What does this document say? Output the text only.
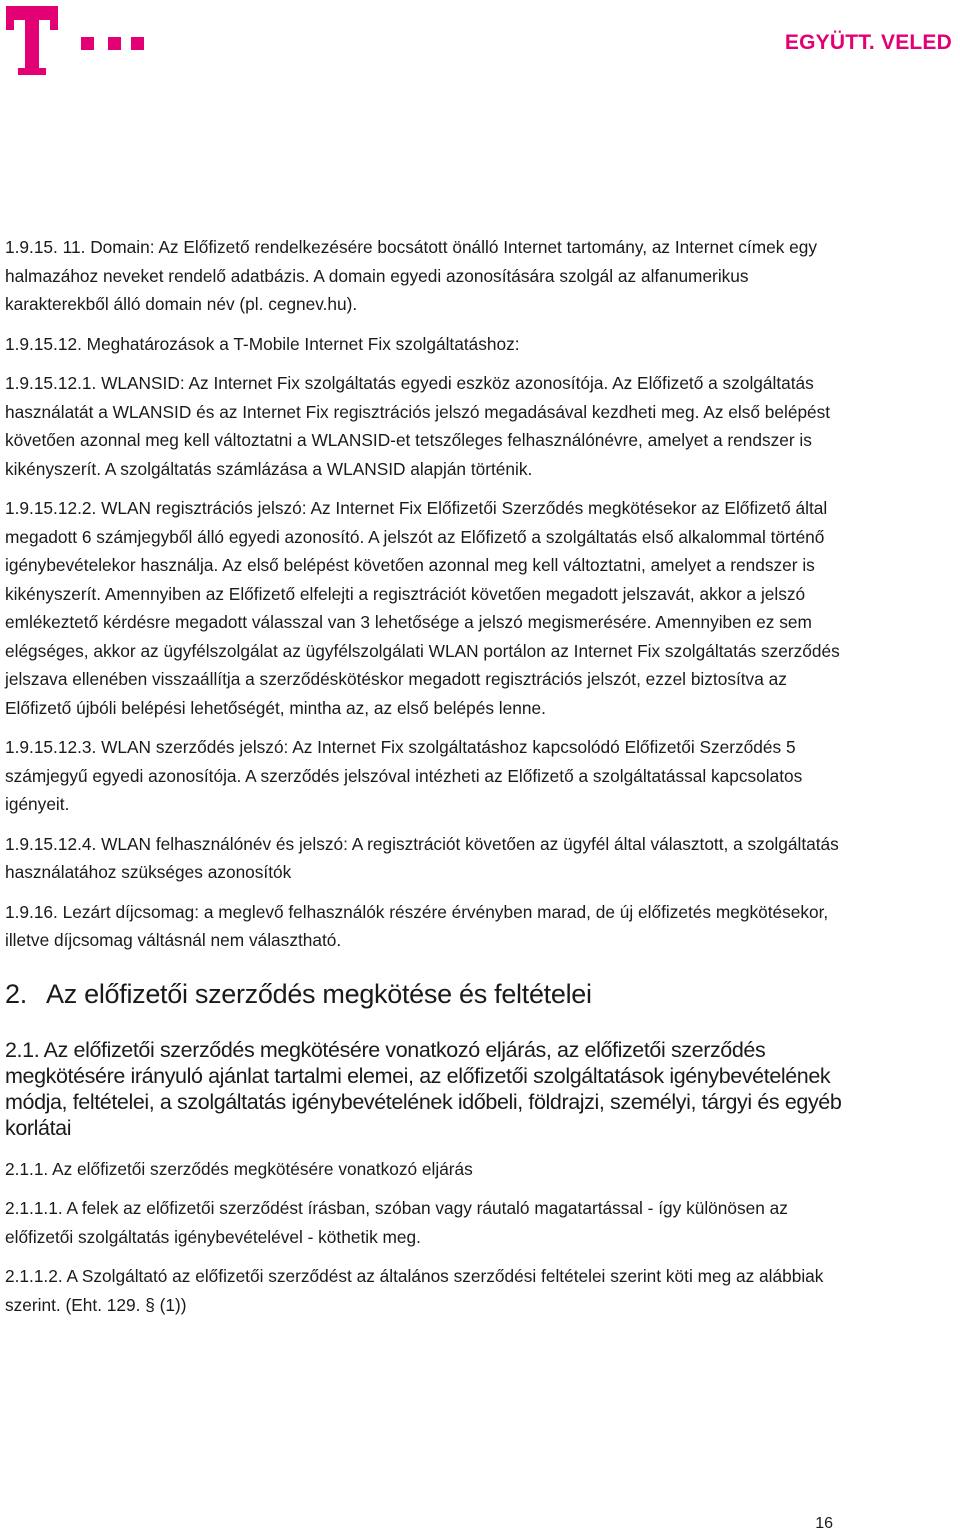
EGYÜTT. VELED

1.9.15. 11. Domain: Az Előfizető rendelkezésére bocsátott önálló Internet tartomány, az Internet címek egy halmazához neveket rendelő adatbázis. A domain egyedi azonosítására szolgál az alfanumerikus karakterekből álló domain név (pl. cegnev.hu).

1.9.15.12. Meghatározások a T-Mobile Internet Fix szolgáltatáshoz:

1.9.15.12.1. WLANSID: Az Internet Fix szolgáltatás egyedi eszköz azonosítója. Az Előfizető a szolgáltatás használatát a WLANSID és az Internet Fix regisztrációs jelszó megadásával kezdheti meg. Az első belépést követően azonnal meg kell változtatni a WLANSID-et tetszőleges felhasználónévre, amelyet a rendszer is kikényszerít. A szolgáltatás számlázása a WLANSID alapján történik.

1.9.15.12.2. WLAN regisztrációs jelszó: Az Internet Fix Előfizetői Szerződés megkötésekor az Előfizető által megadott 6 számjegyből álló egyedi azonosító. A jelszót az Előfizető a szolgáltatás első alkalommal történő igénybevételekor használja. Az első belépést követően azonnal meg kell változtatni, amelyet a rendszer is kikényszerít. Amennyiben az Előfizető elfelejti a regisztrációt követően megadott jelszavát, akkor a jelszó emlékeztető kérdésre megadott válasszal van 3 lehetősége a jelszó megismerésére. Amennyiben ez sem elégséges, akkor az ügyfélszolgálat az ügyfélszolgálati WLAN portálon az Internet Fix szolgáltatás szerződés jelszava ellenében visszaállítja a szerződéskötéskor megadott regisztrációs jelszót, ezzel biztosítva az Előfizető újbóli belépési lehetőségét, mintha az, az első belépés lenne.

1.9.15.12.3. WLAN szerződés jelszó: Az Internet Fix szolgáltatáshoz kapcsolódó Előfizetői Szerződés 5 számjegyű egyedi azonosítója. A szerződés jelszóval intézheti az Előfizető a szolgáltatással kapcsolatos igényeit.

1.9.15.12.4. WLAN felhasználónév és jelszó: A regisztrációt követően az ügyfél által választott, a szolgáltatás használatához szükséges azonosítók

1.9.16. Lezárt díjcsomag: a meglevő felhasználók részére érvényben marad, de új előfizetés megkötésekor, illetve díjcsomag váltásnál nem választható.

2. Az előfizetői szerződés megkötése és feltételei
2.1. Az előfizetői szerződés megkötésére vonatkozó eljárás, az előfizetői szerződés megkötésére irányuló ajánlat tartalmi elemei, az előfizetői szolgáltatások igénybevételének módja, feltételei, a szolgáltatás igénybevételének időbeli, földrajzi, személyi, tárgyi és egyéb korlátai

2.1.1. Az előfizetői szerződés megkötésére vonatkozó eljárás

2.1.1.1. A felek az előfizetői szerződést írásban, szóban vagy ráutaló magatartással - így különösen az előfizetői szolgáltatás igénybevételével - köthetik meg.

2.1.1.2. A Szolgáltató az előfizetői szerződést az általános szerződési feltételei szerint köti meg az alábbiak szerint. (Eht. 129. § (1))

16
